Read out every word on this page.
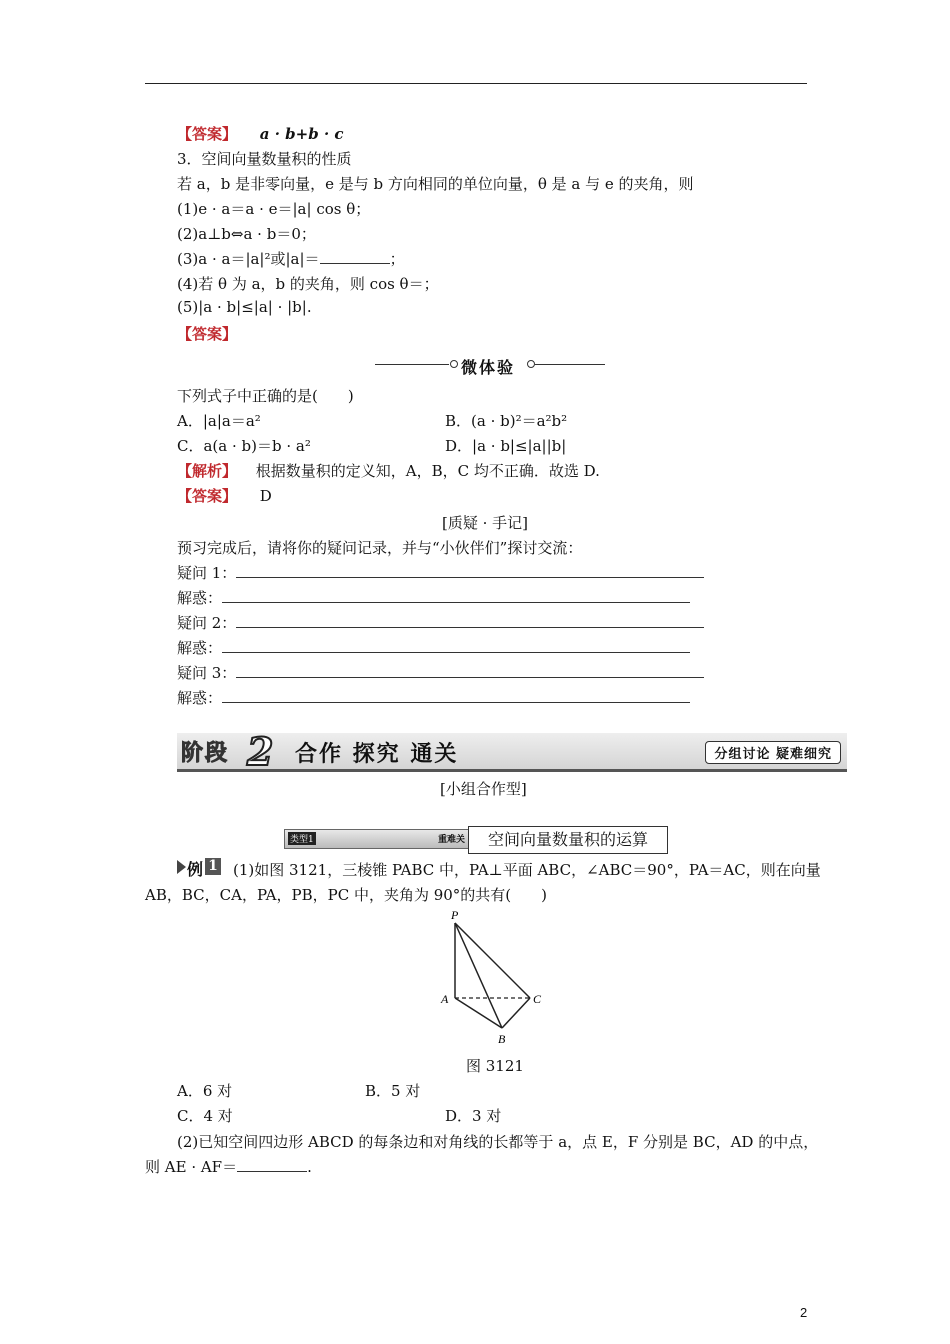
【答案】 a · b+b · c
3．空间向量数量积的性质
若 a，b 是非零向量，e 是与 b 方向相同的单位向量，θ 是 a 与 e 的夹角，则
(1)e · a＝a · e＝|a| cos θ；
(2)a⊥b⇔a · b＝0；
(3)a · a＝|a|²或|a|＝	；
(4)若 θ 为 a，b 的夹角，则 cos θ＝；
(5)|a · b|≤|a| · |b|.
【答案】
微体验
下列式子中正确的是(　　)
A．|a|a＝a²	B．(a · b)²＝a²b²
C．a(a · b)＝b · a²	D．|a · b|≤|a||b|
【解析】 根据数量积的定义知，A，B，C 均不正确．故选 D.
【答案】 D
[质疑 · 手记]
预习完成后，请将你的疑问记录，并与“小伙伴们”探讨交流：
疑问 1：
解惑：
疑问 2：
解惑：
疑问 3：
解惑：
阶段 2 合作 探究 通关	分组讨论 疑难细究
[小组合作型]
类型1	重难关	空间向量数量积的运算
例 1 (1)如图 3121，三棱锥 PABC 中，PA⊥平面 ABC，∠ABC＝90°，PA＝AC，则在向量
AB，BC，CA，PA，PB，PC 中，夹角为 90°的共有(　　)
P
A	C
B
图 3121
A．6 对	B．5 对
C．4 对	D．3 对
(2)已知空间四边形 ABCD 的每条边和对角线的长都等于 a，点 E，F 分别是 BC，AD 的中点，
则 AE · AF＝	.
2
